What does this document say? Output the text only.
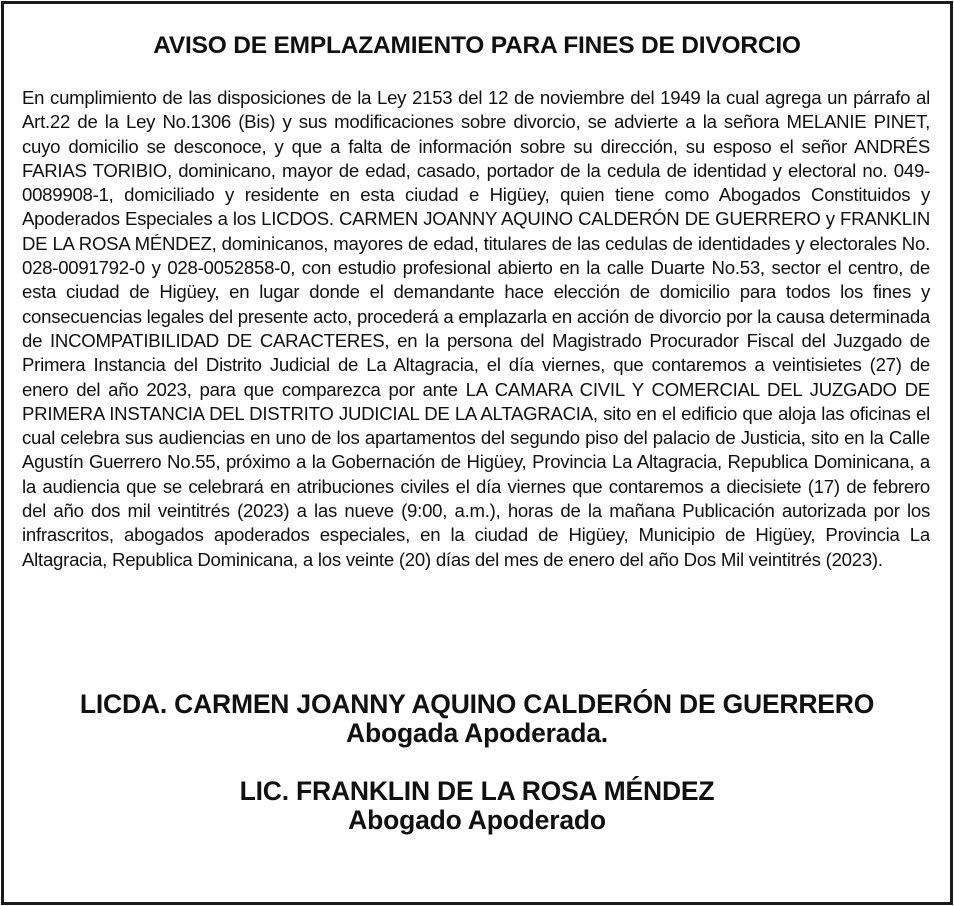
AVISO DE EMPLAZAMIENTO PARA FINES DE DIVORCIO

En cumplimiento de las disposiciones de la Ley 2153 del 12 de noviembre del 1949 la cual agrega un párrafo al Art.22 de la Ley No.1306 (Bis) y sus modificaciones sobre divorcio, se advierte a la señora MELANIE PINET, cuyo domicilio se desconoce, y que a falta de información sobre su dirección, su esposo el señor ANDRÉS FARIAS TORIBIO, dominicano, mayor de edad, casado, portador de la cedula de identidad y electoral no. 049-0089908-1, domiciliado y residente en esta ciudad e Higüey, quien tiene como Abogados Constituidos y Apoderados Especiales a los LICDOS. CARMEN JOANNY AQUINO CALDERÓN DE GUERRERO y FRANKLIN DE LA ROSA MÉNDEZ, dominicanos, mayores de edad, titulares de las cedulas de identidades y electorales No. 028-0091792-0 y 028-0052858-0, con estudio profesional abierto en la calle Duarte No.53, sector el centro, de esta ciudad de Higüey, en lugar donde el demandante hace elección de domicilio para todos los fines y consecuencias legales del presente acto, procederá a emplazarla en acción de divorcio por la causa determinada de INCOMPATIBILIDAD DE CARACTERES, en la persona del Magistrado Procurador Fiscal del Juzgado de Primera Instancia del Distrito Judicial de La Altagracia, el día viernes, que contaremos a veintisietes (27) de enero del año 2023, para que comparezca por ante LA CAMARA CIVIL Y COMERCIAL DEL JUZGADO DE PRIMERA INSTANCIA DEL DISTRITO JUDICIAL DE LA ALTAGRACIA, sito en el edificio que aloja las oficinas el cual celebra sus audiencias en uno de los apartamentos del segundo piso del palacio de Justicia, sito en la Calle Agustín Guerrero No.55, próximo a la Gobernación de Higüey, Provincia La Altagracia, Republica Dominicana, a la audiencia que se celebrará en atribuciones civiles el día viernes que contaremos a diecisiete (17) de febrero del año dos mil veintitrés (2023) a las nueve (9:00, a.m.), horas de la mañana Publicación autorizada por los infrascritos, abogados apoderados especiales, en la ciudad de Higüey, Municipio de Higüey, Provincia La Altagracia, Republica Dominicana, a los veinte (20) días del mes de enero del año Dos Mil veintitrés (2023).

LICDA. CARMEN JOANNY AQUINO CALDERÓN DE GUERRERO
Abogada Apoderada.
LIC. FRANKLIN DE LA ROSA MÉNDEZ
Abogado Apoderado
